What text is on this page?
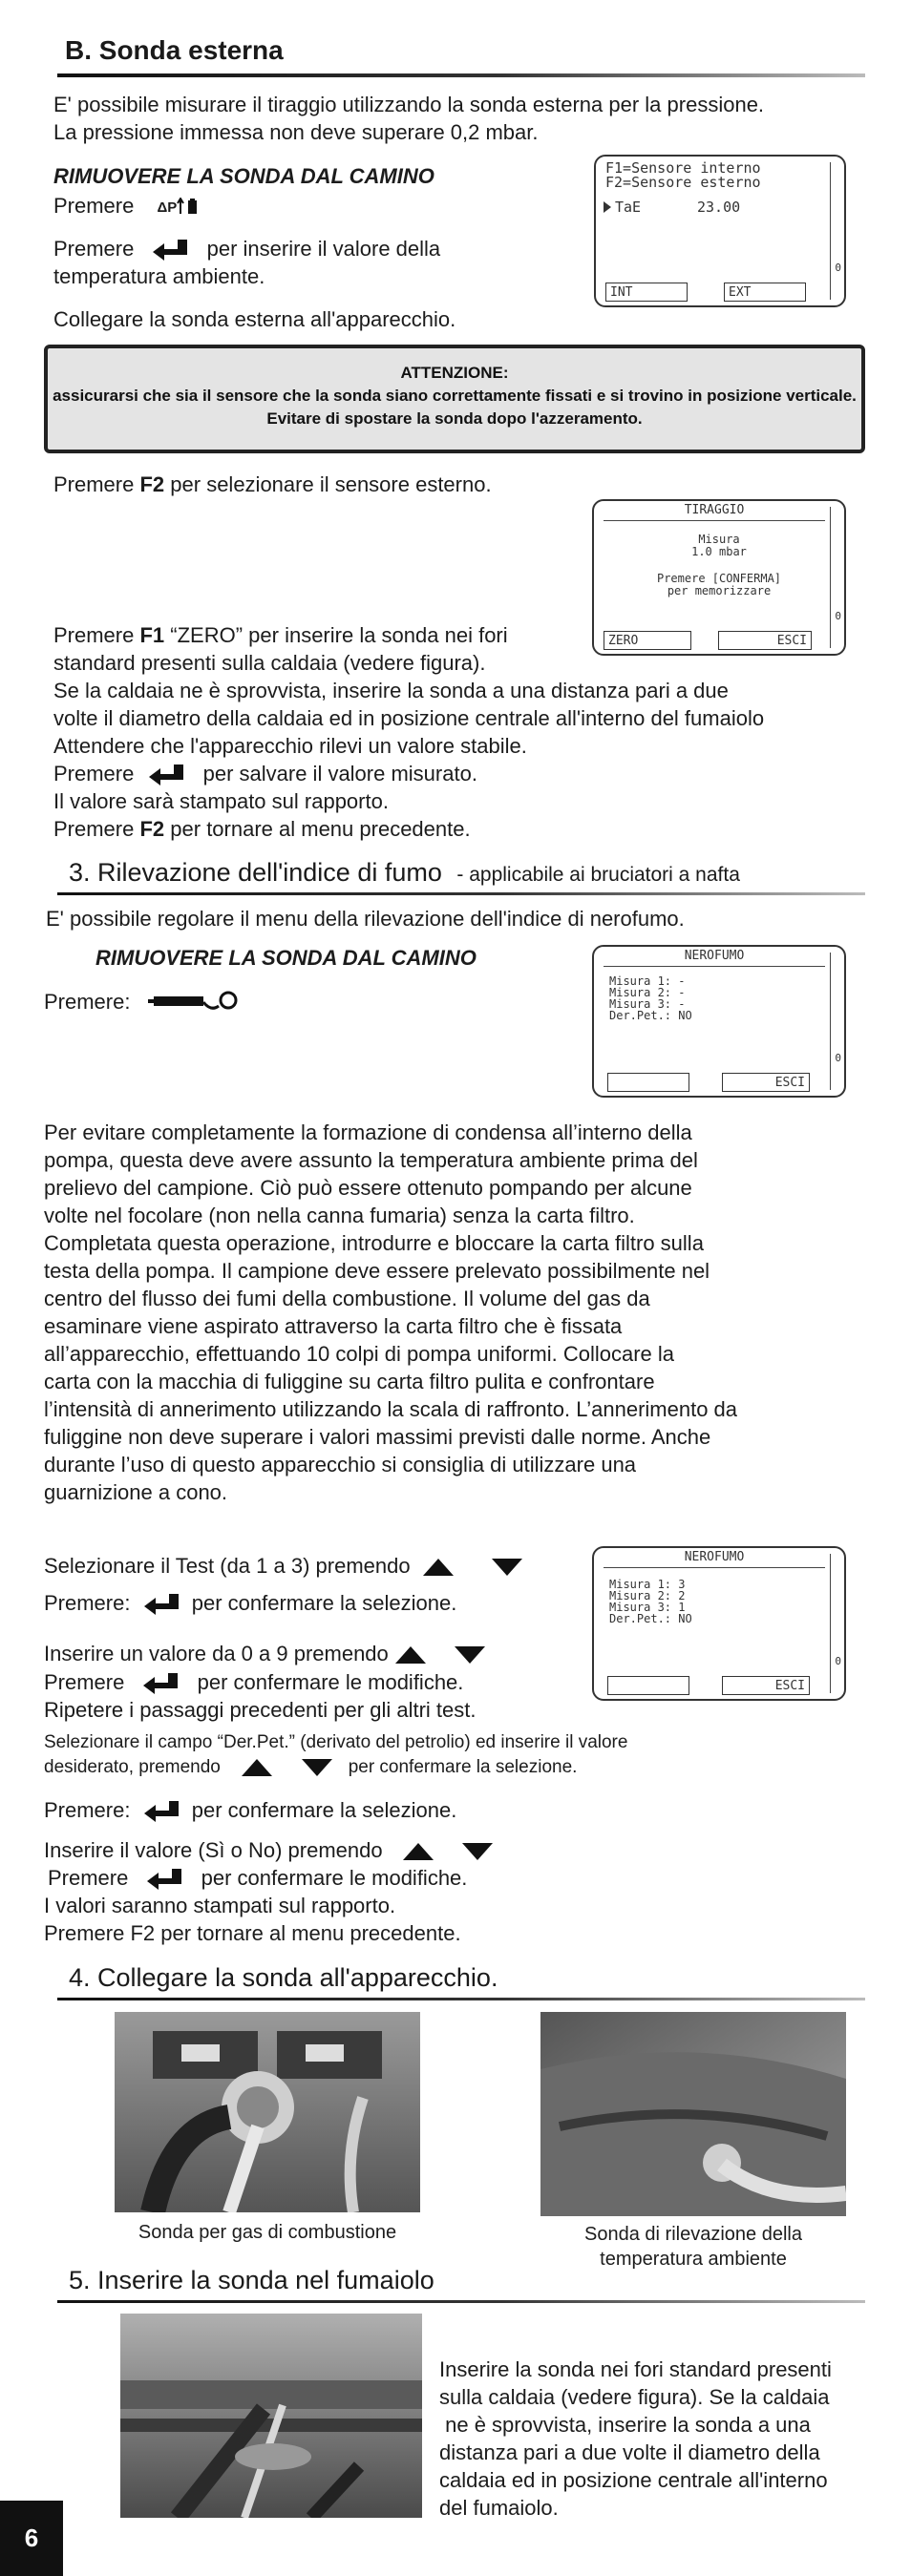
B. Sonda esterna
E' possibile misurare il tiraggio utilizzando la sonda esterna per la pressione.
La pressione immessa non deve superare 0,2 mbar.
RIMUOVERE LA SONDA DAL CAMINO
Premere ΔP
Premere	per inserire il valore della
temperatura ambiente.
Collegare la sonda esterna all'apparecchio.
F1=Sensore interno
F2=Sensore esterno
TaE	23.00
0
INT	EXT
ATTENZIONE:
assicurarsi che sia il sensore che la sonda siano correttamente fissati e si trovino in posizione verticale.
Evitare di spostare la sonda dopo l'azzeramento.
Premere F2 per selezionare il sensore esterno.
TIRAGGIO
Misura
1.0 mbar
Premere [CONFERMA]
per memorizzare
0
ZERO	ESCI
Premere F1 “ZERO” per inserire la sonda nei fori
standard presenti sulla caldaia (vedere figura).
Se la caldaia ne è sprovvista, inserire la sonda a una distanza pari a due
volte il diametro della caldaia ed in posizione centrale all'interno del fumaiolo
Attendere che l'apparecchio rilevi un valore stabile.
Premere	per salvare il valore misurato.
Il valore sarà stampato sul rapporto.
Premere F2 per tornare al menu precedente.
3. Rilevazione dell'indice di fumo - applicabile ai bruciatori a nafta
E' possibile regolare il menu della rilevazione dell'indice di nerofumo.
RIMUOVERE LA SONDA DAL CAMINO
Premere:
NEROFUMO
Misura 1: -
Misura 2: -
Misura 3: -
Der.Pet.: NO
0
ESCI
Per evitare completamente la formazione di condensa all’interno della
pompa, questa deve avere assunto la temperatura ambiente prima del
prelievo del campione. Ciò può essere ottenuto pompando per alcune
volte nel focolare (non nella canna fumaria) senza la carta filtro.
Completata questa operazione, introdurre e bloccare la carta filtro sulla
testa della pompa. Il campione deve essere prelevato possibilmente nel
centro del flusso dei fumi della combustione. Il volume del gas da
esaminare viene aspirato attraverso la carta filtro che è fissata
all’apparecchio, effettuando 10 colpi di pompa uniformi. Collocare la
carta con la macchia di fuliggine su carta filtro pulita e confrontare
l’intensità di annerimento utilizzando la scala di raffronto. L’annerimento da
fuliggine non deve superare i valori massimi previsti dalle norme. Anche
durante l’uso di questo apparecchio si consiglia di utilizzare una
guarnizione a cono.
Selezionare il Test (da 1 a 3) premendo
Premere:	per confermare la selezione.
Inserire un valore da 0 a 9 premendo
Premere	per confermare le modifiche.
Ripetere i passaggi precedenti per gli altri test.
Selezionare il campo “Der.Pet.” (derivato del petrolio) ed inserire il valore
desiderato, premendo	per confermare la selezione.
Premere:	per confermare la selezione.
Inserire il valore (Sì o No) premendo
Premere	per confermare le modifiche.
I valori saranno stampati sul rapporto.
Premere F2 per tornare al menu precedente.
NEROFUMO
Misura 1: 3
Misura 2: 2
Misura 3: 1
Der.Pet.: NO
0
ESCI
4. Collegare la sonda all'apparecchio.
Sonda per gas di combustione	Sonda di rilevazione della
temperatura ambiente
5. Inserire la sonda nel fumaiolo
Inserire la sonda nei fori standard presenti
sulla caldaia (vedere figura). Se la caldaia
ne è sprovvista, inserire la sonda a una
distanza pari a due volte il diametro della
caldaia ed in posizione centrale all'interno
del fumaiolo.
6
